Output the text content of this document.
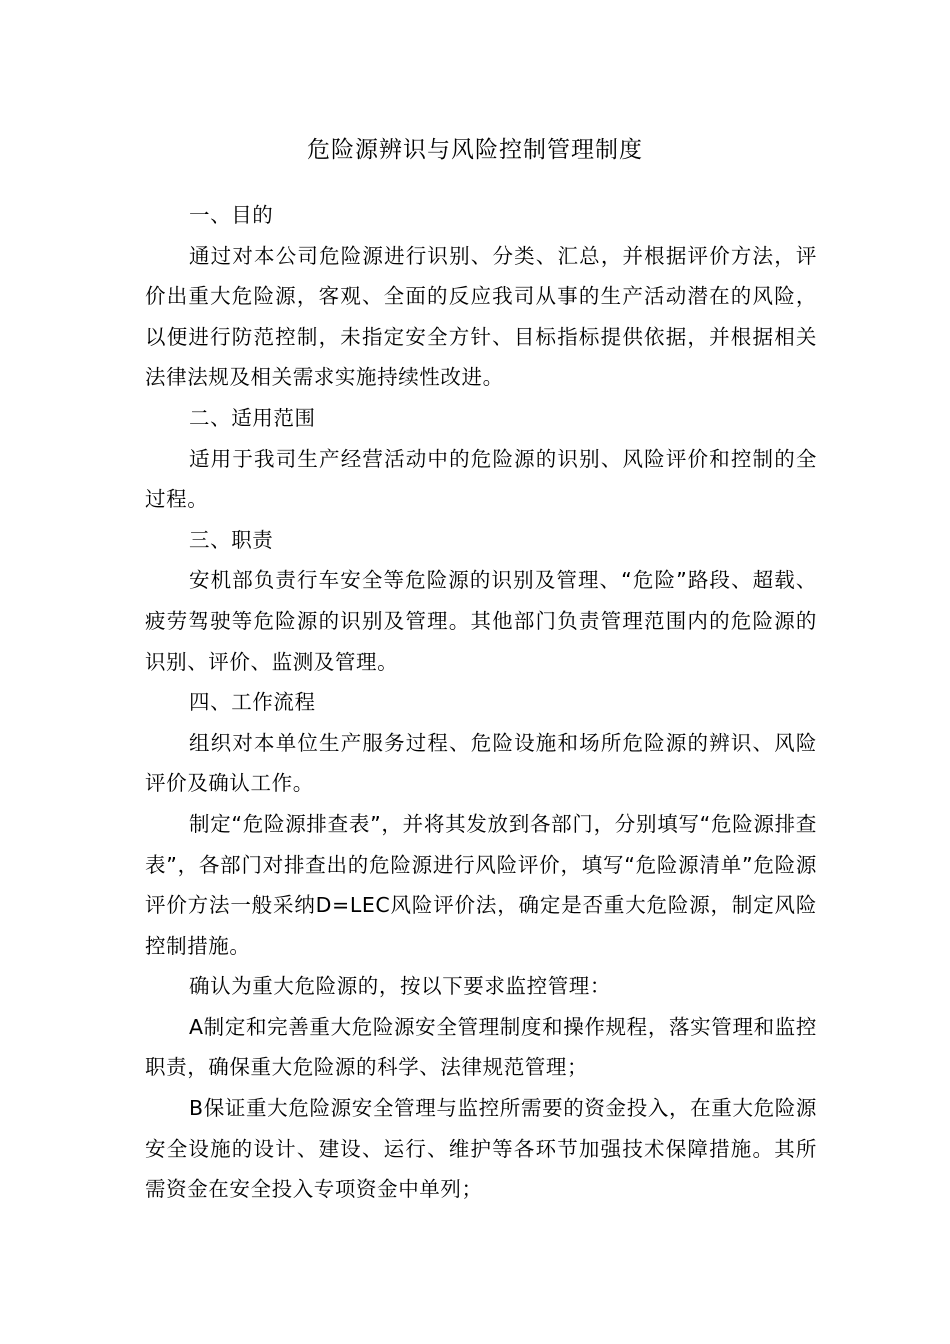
危险源辨识与风险控制管理制度

一、目的

通过对本公司危险源进行识别、分类、汇总，并根据评价方法，评价出重大危险源，客观、全面的反应我司从事的生产活动潜在的风险，以便进行防范控制，未指定安全方针、目标指标提供依据，并根据相关法律法规及相关需求实施持续性改进。

二、适用范围

适用于我司生产经营活动中的危险源的识别、风险评价和控制的全过程。

三、职责

安机部负责行车安全等危险源的识别及管理、“危险”路段、超载、疲劳驾驶等危险源的识别及管理。其他部门负责管理范围内的危险源的识别、评价、监测及管理。

四、工作流程

组织对本单位生产服务过程、危险设施和场所危险源的辨识、风险评价及确认工作。

制定“危险源排查表”，并将其发放到各部门，分别填写“危险源排查表”，各部门对排查出的危险源进行风险评价，填写“危险源清单”危险源评价方法一般采纳D=LEC风险评价法，确定是否重大危险源，制定风险控制措施。

确认为重大危险源的，按以下要求监控管理：

A制定和完善重大危险源安全管理制度和操作规程，落实管理和监控职责，确保重大危险源的科学、法律规范管理；

B保证重大危险源安全管理与监控所需要的资金投入，在重大危险源安全设施的设计、建设、运行、维护等各环节加强技术保障措施。其所需资金在安全投入专项资金中单列；
